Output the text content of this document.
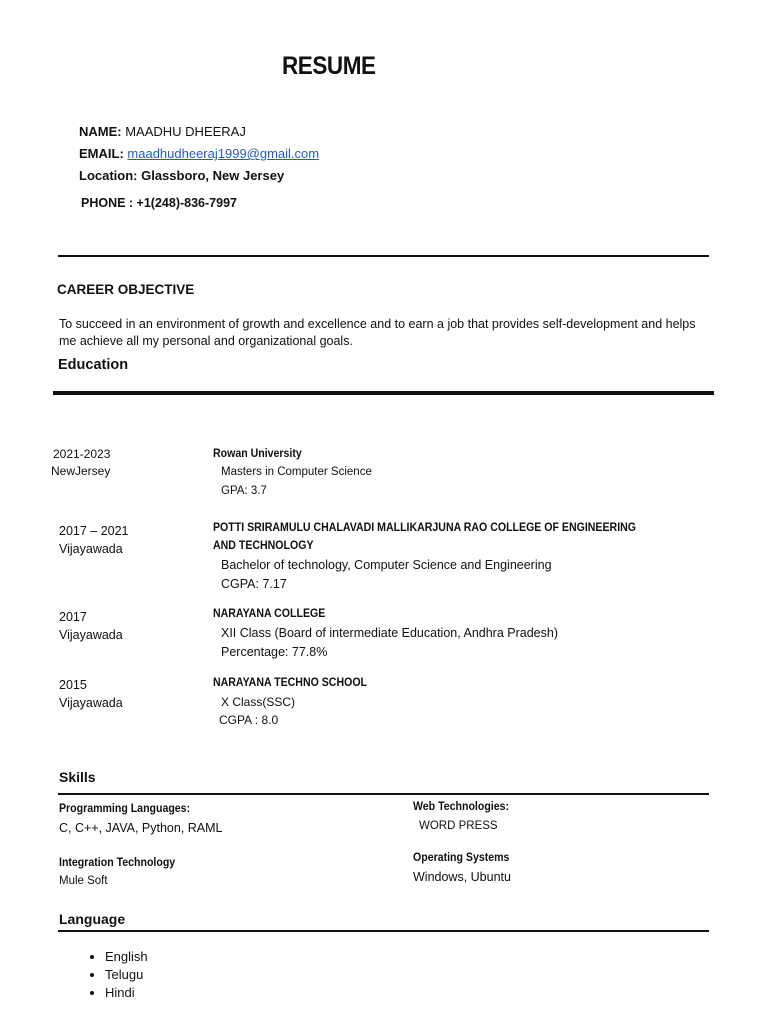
RESUME
NAME: MAADHU DHEERAJ
EMAIL: maadhudheeraj1999@gmail.com
Location: Glassboro, New Jersey
PHONE : +1(248)-836-7997
CAREER OBJECTIVE
To succeed in an environment of growth and excellence and to earn a job that provides self-development and helps me achieve all my personal and organizational goals.
Education
2021-2023
NewJersey
Rowan University
Masters in Computer Science
GPA: 3.7
2017 – 2021
Vijayawada
POTTI SRIRAMULU CHALAVADI MALLIKARJUNA RAO COLLEGE OF ENGINEERING
AND TECHNOLOGY
Bachelor of technology, Computer Science and Engineering
CGPA: 7.17
2017
Vijayawada
NARAYANA COLLEGE
XII Class (Board of intermediate Education, Andhra Pradesh)
Percentage: 77.8%
2015
Vijayawada
NARAYANA TECHNO SCHOOL
X Class(SSC)
CGPA : 8.0
Skills
Programming Languages:
C, C++, JAVA, Python, RAML
Web Technologies:
WORD PRESS
Integration Technology
Mule Soft
Operating Systems
Windows, Ubuntu
Language
• English
• Telugu
• Hindi
